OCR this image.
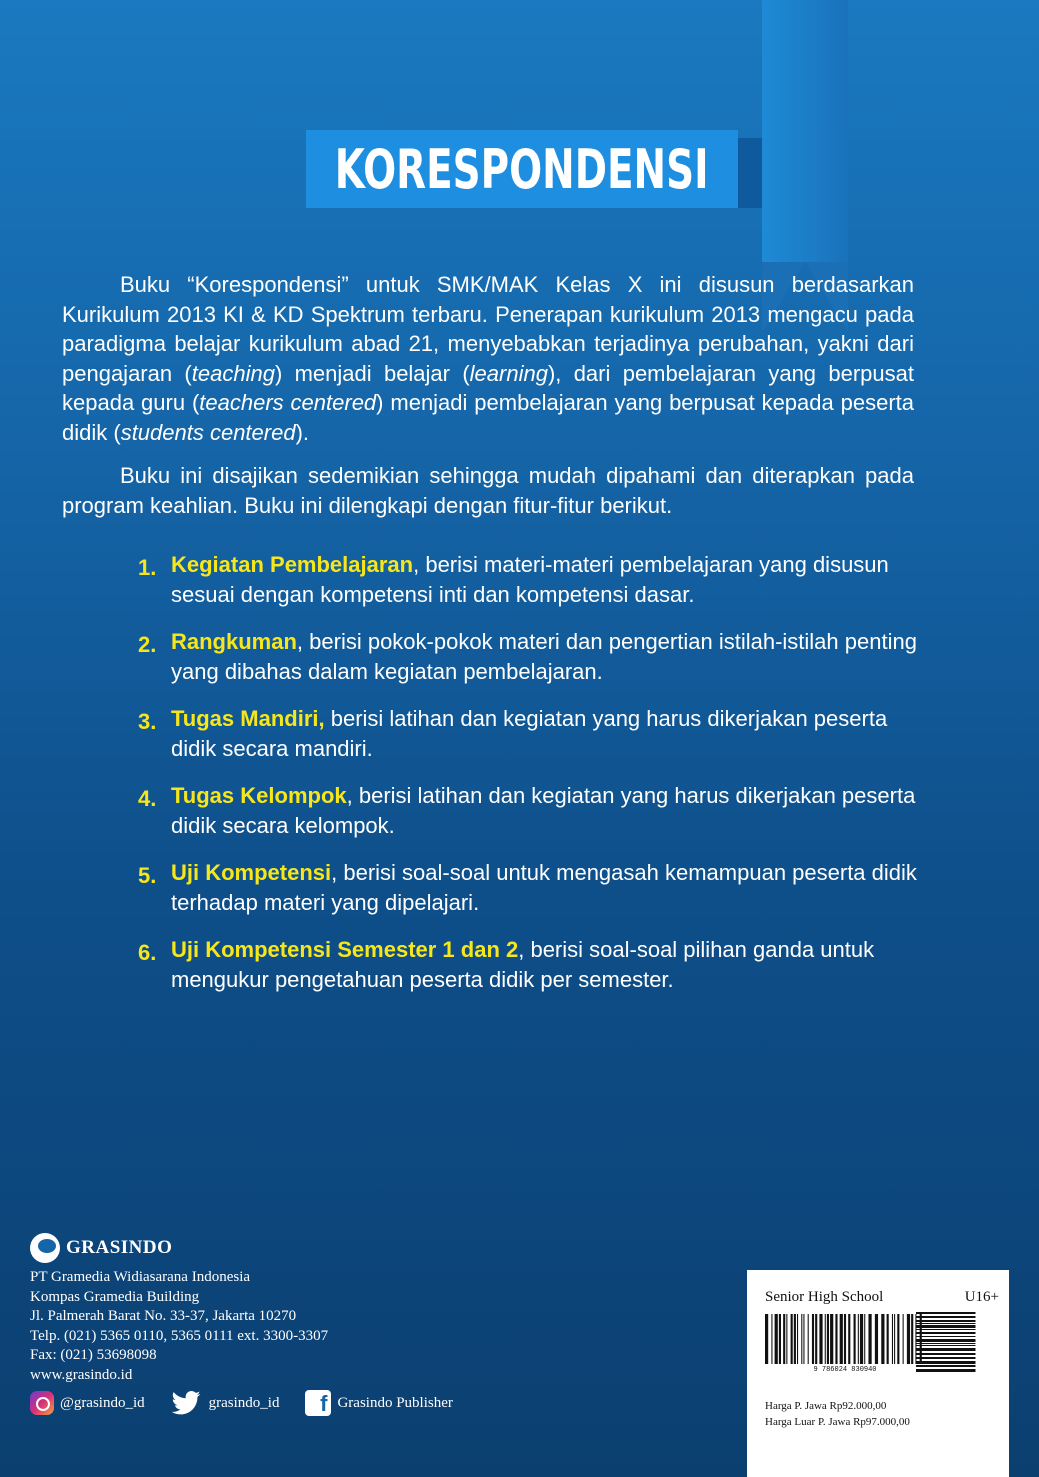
KORESPONDENSI

Buku “Korespondensi” untuk SMK/MAK Kelas X ini disusun berdasarkan Kurikulum 2013 KI & KD Spektrum terbaru. Penerapan kurikulum 2013 mengacu pada paradigma belajar kurikulum abad 21, menyebabkan terjadinya perubahan, yakni dari pengajaran (teaching) menjadi belajar (learning), dari pembelajaran yang berpusat kepada guru (teachers centered) menjadi pembelajaran yang berpusat kepada peserta didik (students centered).

Buku ini disajikan sedemikian sehingga mudah dipahami dan diterapkan pada program keahlian. Buku ini dilengkapi dengan fitur-fitur berikut.

1. Kegiatan Pembelajaran, berisi materi-materi pembelajaran yang disusun sesuai dengan kompetensi inti dan kompetensi dasar.
2. Rangkuman, berisi pokok-pokok materi dan pengertian istilah-istilah penting yang dibahas dalam kegiatan pembelajaran.
3. Tugas Mandiri, berisi latihan dan kegiatan yang harus dikerjakan peserta didik secara mandiri.
4. Tugas Kelompok, berisi latihan dan kegiatan yang harus dikerjakan peserta didik secara kelompok.
5. Uji Kompetensi, berisi soal-soal untuk mengasah kemampuan peserta didik terhadap materi yang dipelajari.
6. Uji Kompetensi Semester 1 dan 2, berisi soal-soal pilihan ganda untuk mengukur pengetahuan peserta didik per semester.
GRASINDO
PT Gramedia Widiasarana Indonesia
Kompas Gramedia Building
Jl. Palmerah Barat No. 33-37, Jakarta 10270
Telp. (021) 5365 0110, 5365 0111 ext. 3300-3307
Fax: (021) 53698098
www.grasindo.id
@grasindo_id	grasindo_id	f Grasindo Publisher
Senior High School	U16+
9 786024 830940
Harga P. Jawa Rp92.000,00
Harga Luar P. Jawa Rp97.000,00
